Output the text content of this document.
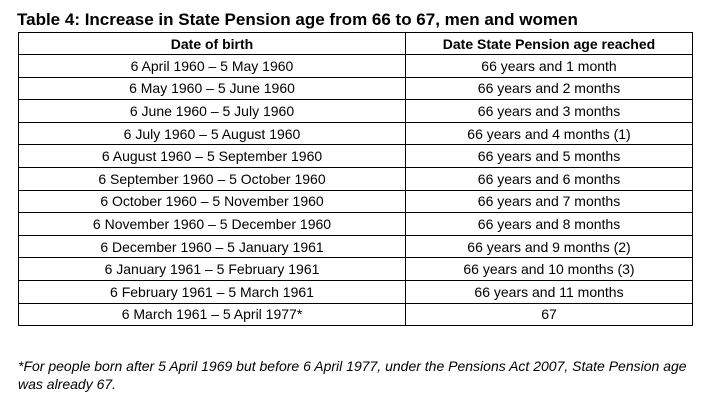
Table 4: Increase in State Pension age from 66 to 67, men and women
Date of birth	Date State Pension age reached
6 April 1960 – 5 May 1960	66 years and 1 month
6 May 1960 – 5 June 1960	66 years and 2 months
6 June 1960 – 5 July 1960	66 years and 3 months
6 July 1960 – 5 August 1960	66 years and 4 months (1)
6 August 1960 – 5 September 1960	66 years and 5 months
6 September 1960 – 5 October 1960	66 years and 6 months
6 October 1960 – 5 November 1960	66 years and 7 months
6 November 1960 – 5 December 1960	66 years and 8 months
6 December 1960 – 5 January 1961	66 years and 9 months (2)
6 January 1961 – 5 February 1961	66 years and 10 months (3)
6 February 1961 – 5 March 1961	66 years and 11 months
6 March 1961 – 5 April 1977*	67
*For people born after 5 April 1969 but before 6 April 1977, under the Pensions Act 2007, State Pension age was already 67.
